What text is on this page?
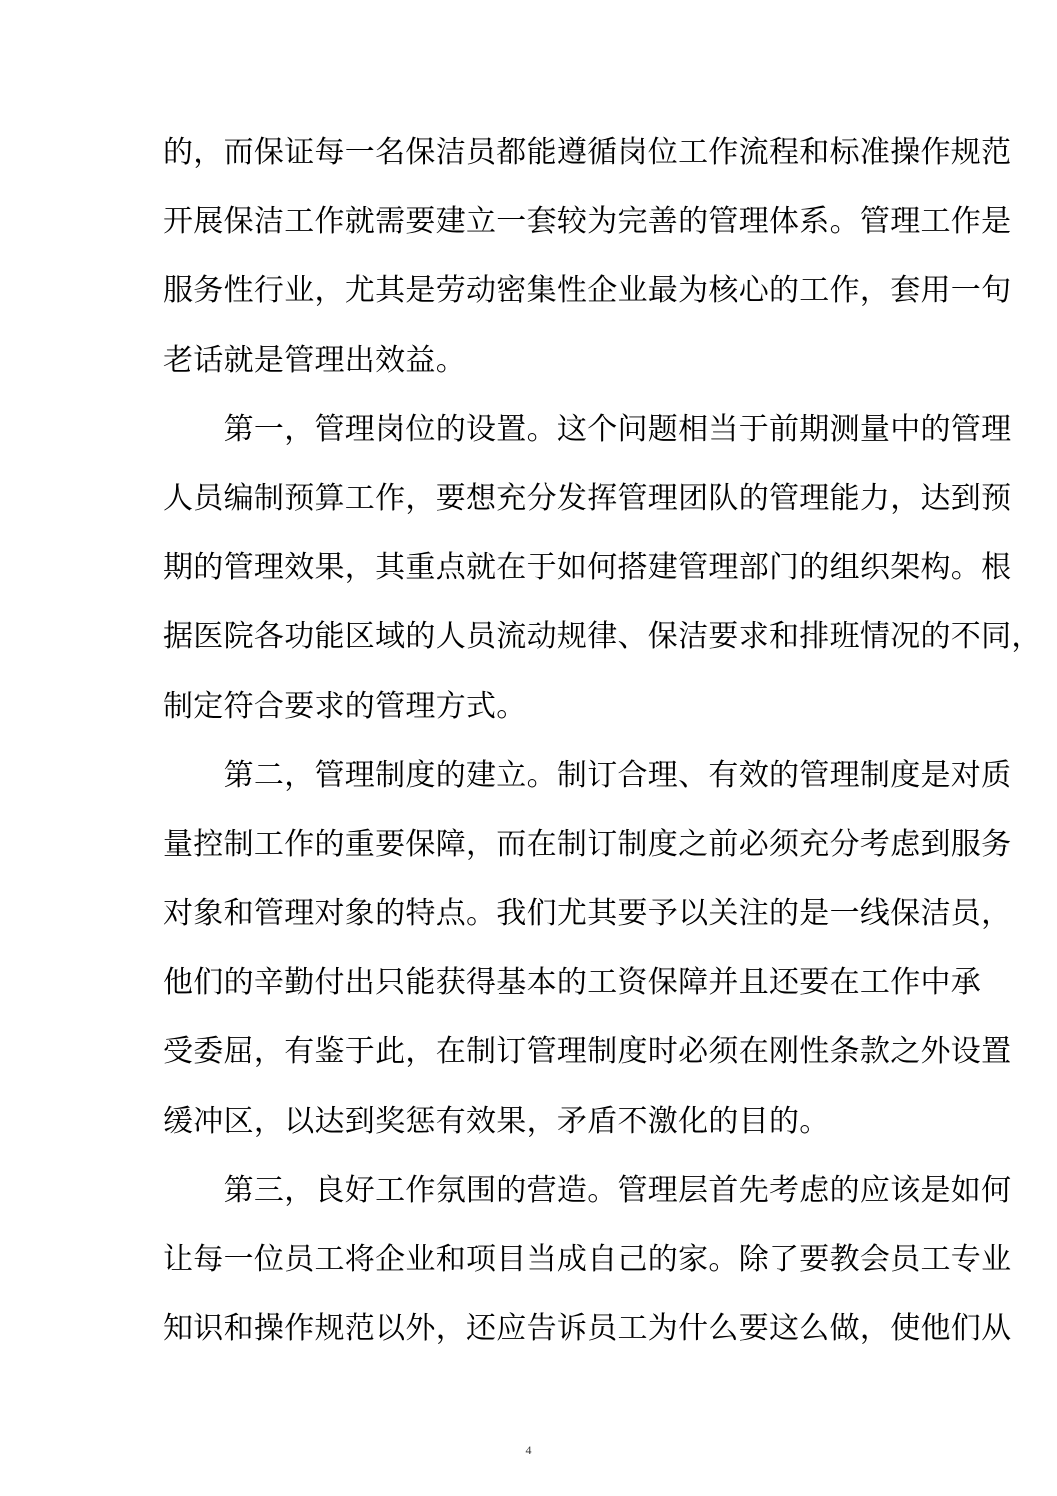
的，而保证每一名保洁员都能遵循岗位工作流程和标准操作规范
开展保洁工作就需要建立一套较为完善的管理体系。管理工作是
服务性行业，尤其是劳动密集性企业最为核心的工作，套用一句
老话就是管理出效益。
　　第一，管理岗位的设置。这个问题相当于前期测量中的管理
人员编制预算工作，要想充分发挥管理团队的管理能力，达到预
期的管理效果，其重点就在于如何搭建管理部门的组织架构。根
据医院各功能区域的人员流动规律、保洁要求和排班情况的不同，
制定符合要求的管理方式。
　　第二，管理制度的建立。制订合理、有效的管理制度是对质
量控制工作的重要保障，而在制订制度之前必须充分考虑到服务
对象和管理对象的特点。我们尤其要予以关注的是一线保洁员，
他们的辛勤付出只能获得基本的工资保障并且还要在工作中承
受委屈，有鉴于此，在制订管理制度时必须在刚性条款之外设置
缓冲区，以达到奖惩有效果，矛盾不激化的目的。
　　第三，良好工作氛围的营造。管理层首先考虑的应该是如何
让每一位员工将企业和项目当成自己的家。除了要教会员工专业
知识和操作规范以外，还应告诉员工为什么要这么做，使他们从
4
